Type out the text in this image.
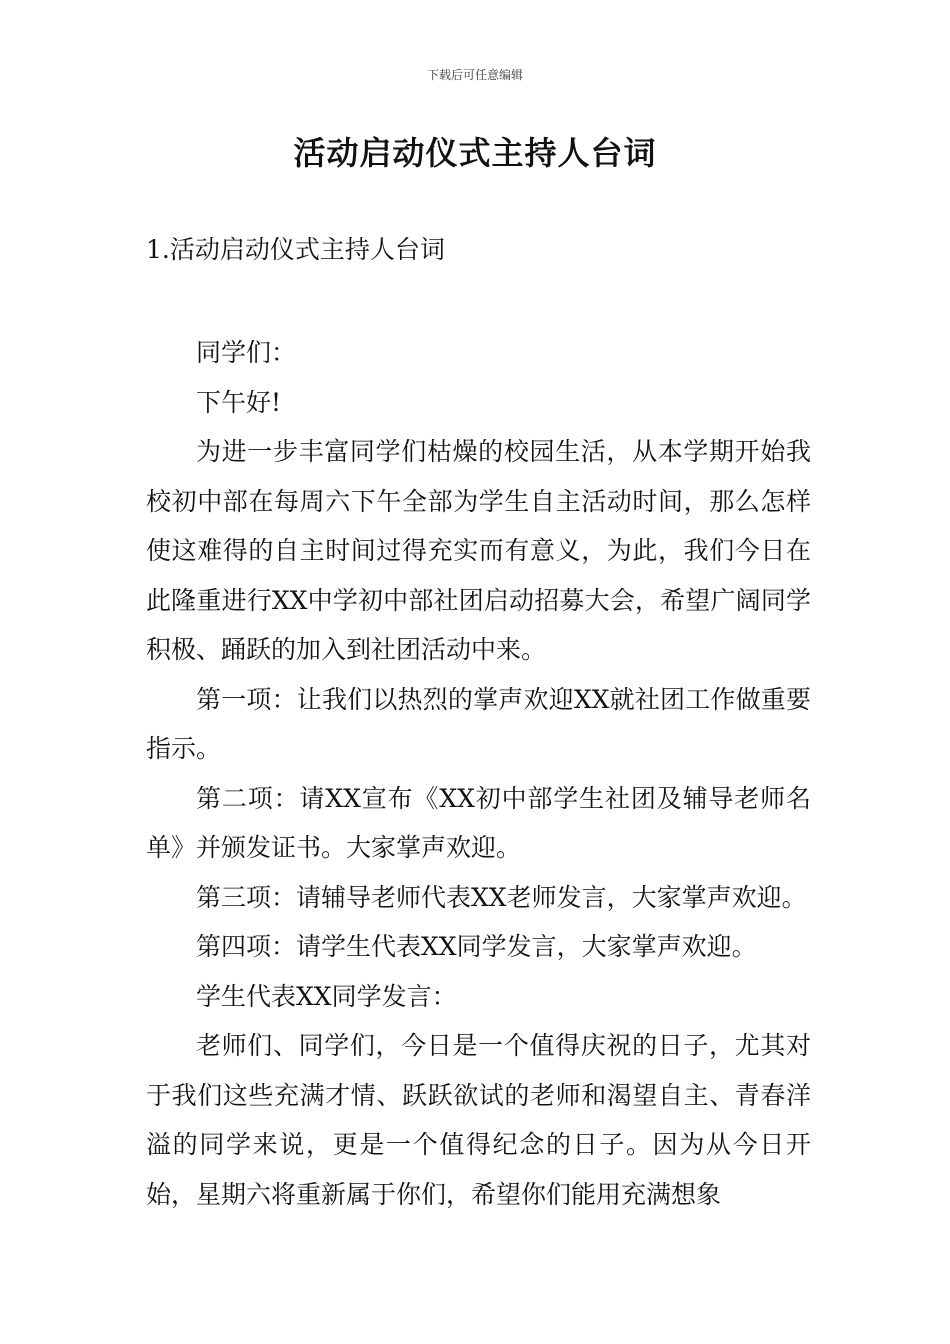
下载后可任意编辑
活动启动仪式主持人台词
1.活动启动仪式主持人台词

同学们：

下午好!

为进一步丰富同学们枯燥的校园生活，从本学期开始我校初中部在每周六下午全部为学生自主活动时间，那么怎样使这难得的自主时间过得充实而有意义，为此，我们今日在此隆重进行XX中学初中部社团启动招募大会，希望广阔同学积极、踊跃的加入到社团活动中来。

第一项：让我们以热烈的掌声欢迎XX就社团工作做重要指示。

第二项：请XX宣布《XX初中部学生社团及辅导老师名单》并颁发证书。大家掌声欢迎。

第三项：请辅导老师代表XX老师发言，大家掌声欢迎。

第四项：请学生代表XX同学发言，大家掌声欢迎。

学生代表XX同学发言：

老师们、同学们，今日是一个值得庆祝的日子，尤其对于我们这些充满才情、跃跃欲试的老师和渴望自主、青春洋溢的同学来说，更是一个值得纪念的日子。因为从今日开始，星期六将重新属于你们，希望你们能用充满想象
